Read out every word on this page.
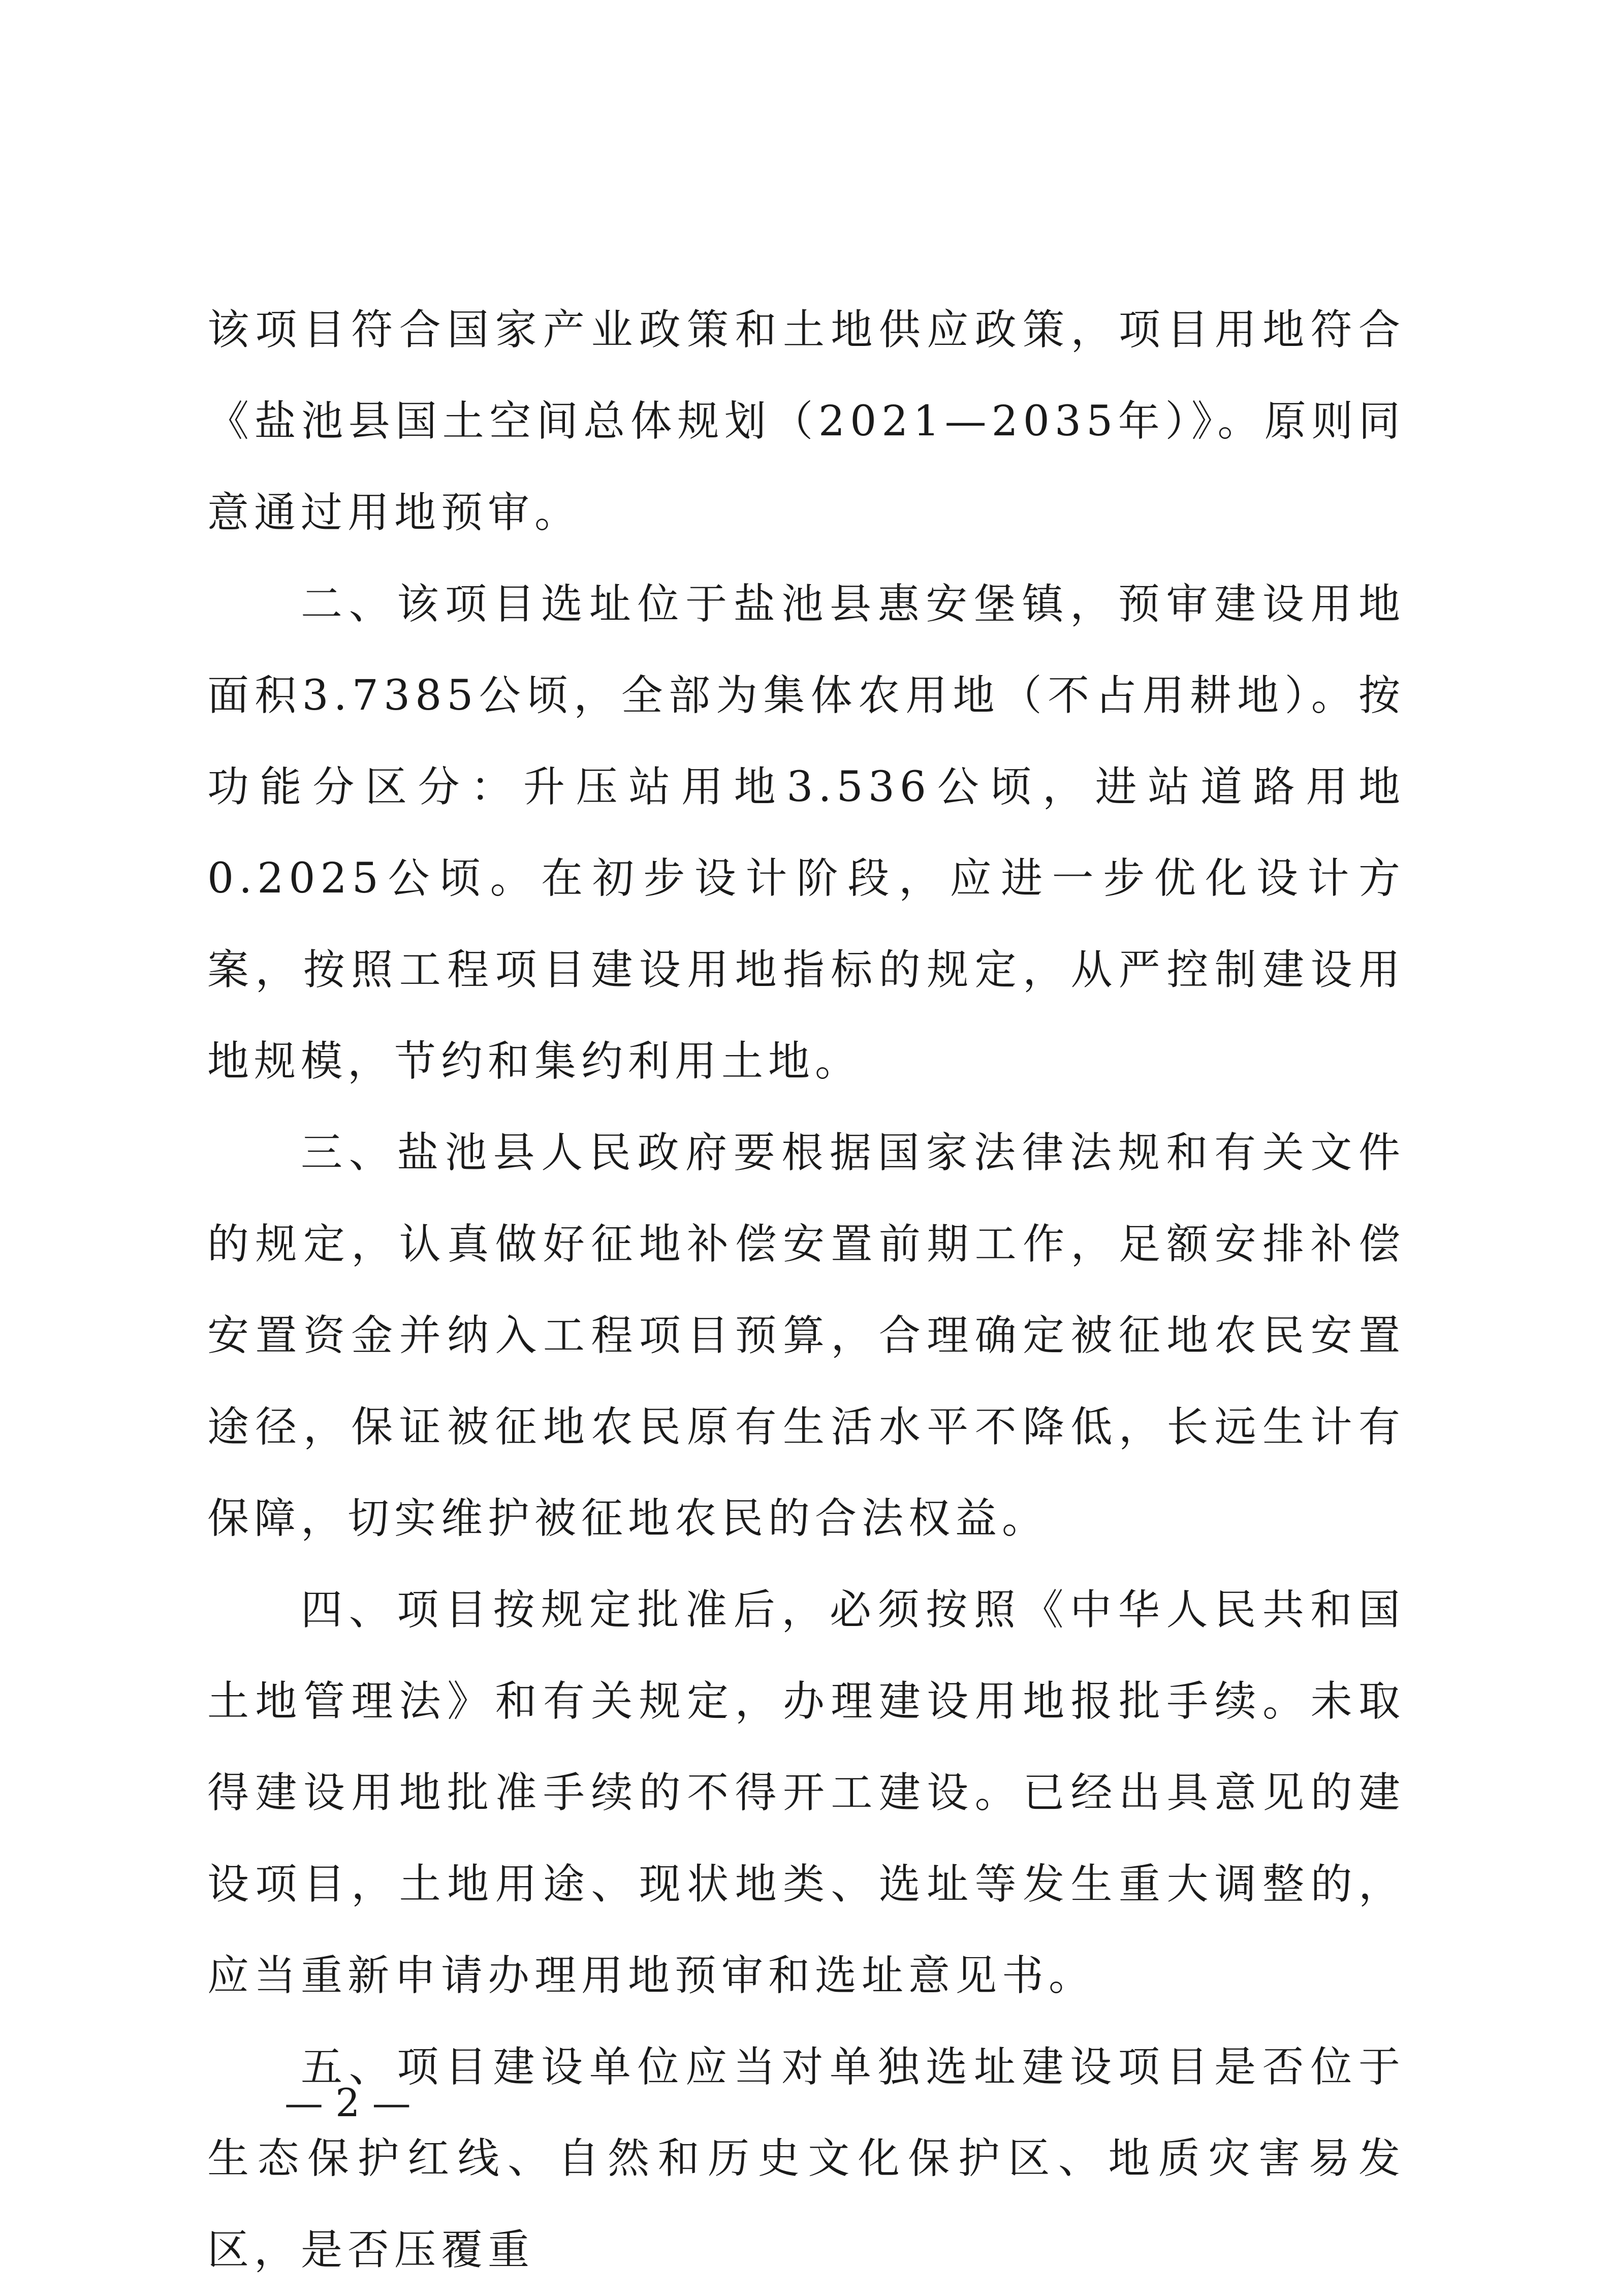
该项目符合国家产业政策和土地供应政策，项目用地符合《盐池县国土空间总体规划（2021—2035年）》。原则同意通过用地预审。

二、该项目选址位于盐池县惠安堡镇，预审建设用地面积3.7385公顷，全部为集体农用地（不占用耕地）。按功能分区分：升压站用地3.536公顷，进站道路用地0.2025公顷。在初步设计阶段，应进一步优化设计方案，按照工程项目建设用地指标的规定，从严控制建设用地规模，节约和集约利用土地。

三、盐池县人民政府要根据国家法律法规和有关文件的规定，认真做好征地补偿安置前期工作，足额安排补偿安置资金并纳入工程项目预算，合理确定被征地农民安置途径，保证被征地农民原有生活水平不降低，长远生计有保障，切实维护被征地农民的合法权益。

四、项目按规定批准后，必须按照《中华人民共和国土地管理法》和有关规定，办理建设用地报批手续。未取得建设用地批准手续的不得开工建设。已经出具意见的建设项目，土地用途、现状地类、选址等发生重大调整的，应当重新申请办理用地预审和选址意见书。

五、项目建设单位应当对单独选址建设项目是否位于生态保护红线、自然和历史文化保护区、地质灾害易发区，是否压覆重

— 2 —
